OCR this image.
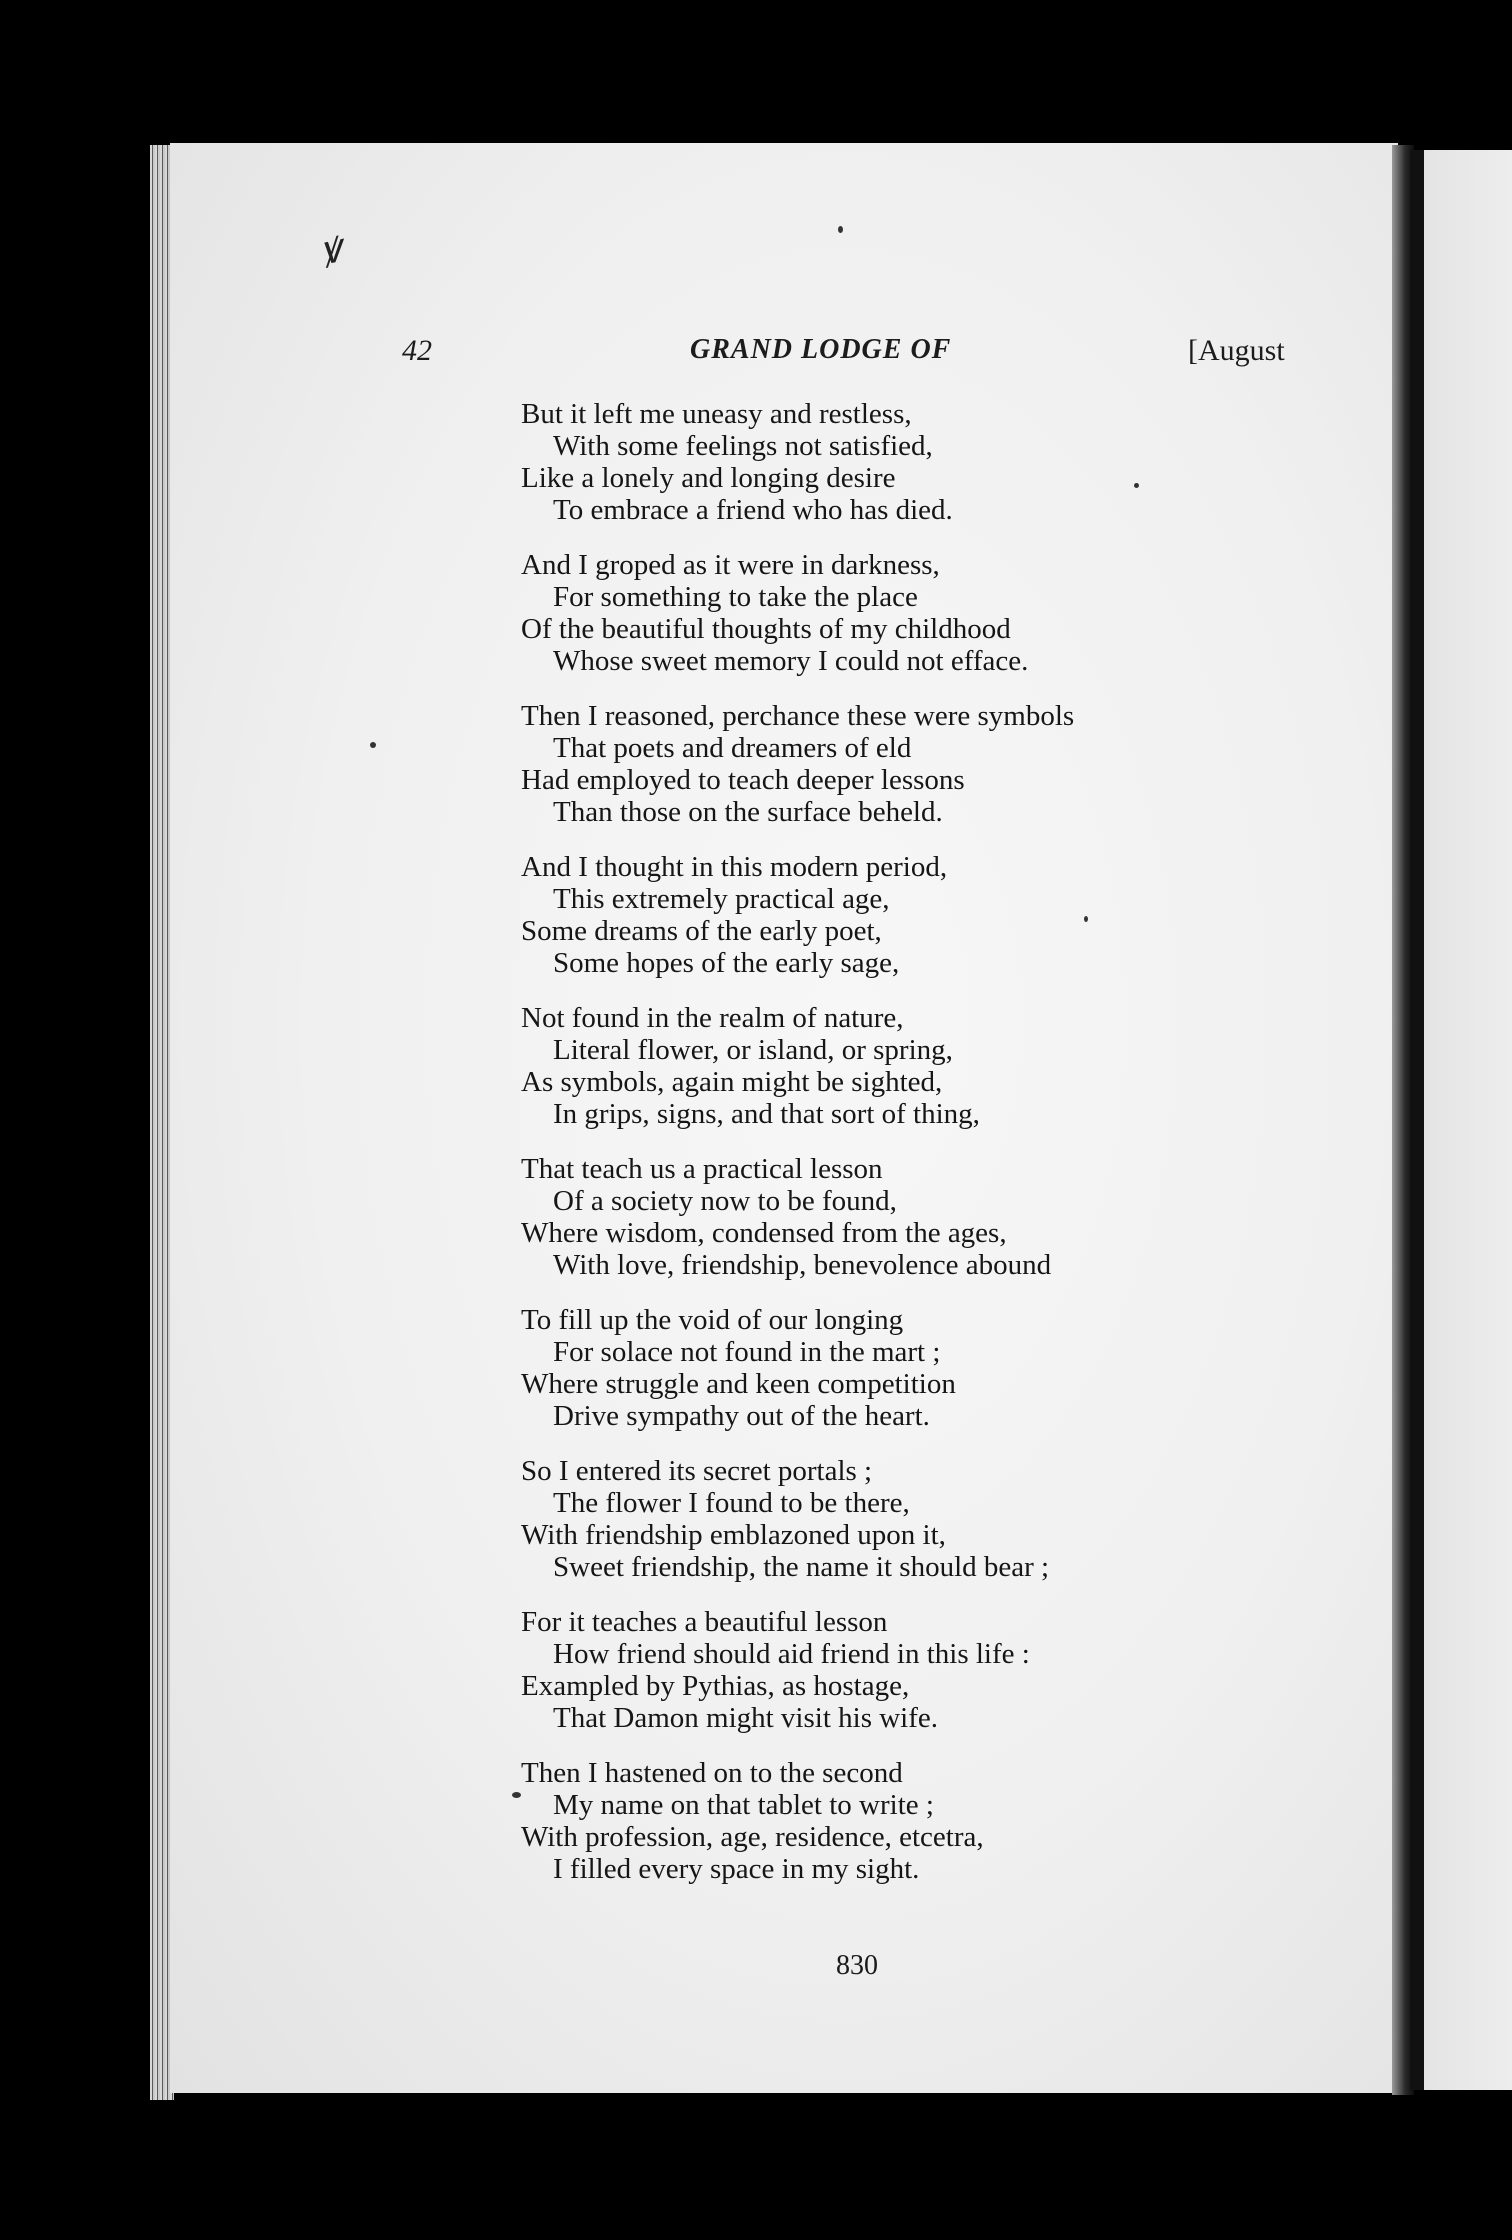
ꝟ
42	GRAND LODGE OF	[August
But it left me uneasy and restless,
With some feelings not satisfied,
Like a lonely and longing desire
To embrace a friend who has died.
And I groped as it were in darkness,
For something to take the place
Of the beautiful thoughts of my childhood
Whose sweet memory I could not efface.
Then I reasoned, perchance these were symbols
That poets and dreamers of eld
Had employed to teach deeper lessons
Than those on the surface beheld.
And I thought in this modern period,
This extremely practical age,
Some dreams of the early poet,
Some hopes of the early sage,
Not found in the realm of nature,
Literal flower, or island, or spring,
As symbols, again might be sighted,
In grips, signs, and that sort of thing,
That teach us a practical lesson
Of a society now to be found,
Where wisdom, condensed from the ages,
With love, friendship, benevolence abound
To fill up the void of our longing
For solace not found in the mart ;
Where struggle and keen competition
Drive sympathy out of the heart.
So I entered its secret portals ;
The flower I found to be there,
With friendship emblazoned upon it,
Sweet friendship, the name it should bear ;
For it teaches a beautiful lesson
How friend should aid friend in this life :
Exampled by Pythias, as hostage,
That Damon might visit his wife.
Then I hastened on to the second
My name on that tablet to write ;
With profession, age, residence, etcetra,
I filled every space in my sight.
830
